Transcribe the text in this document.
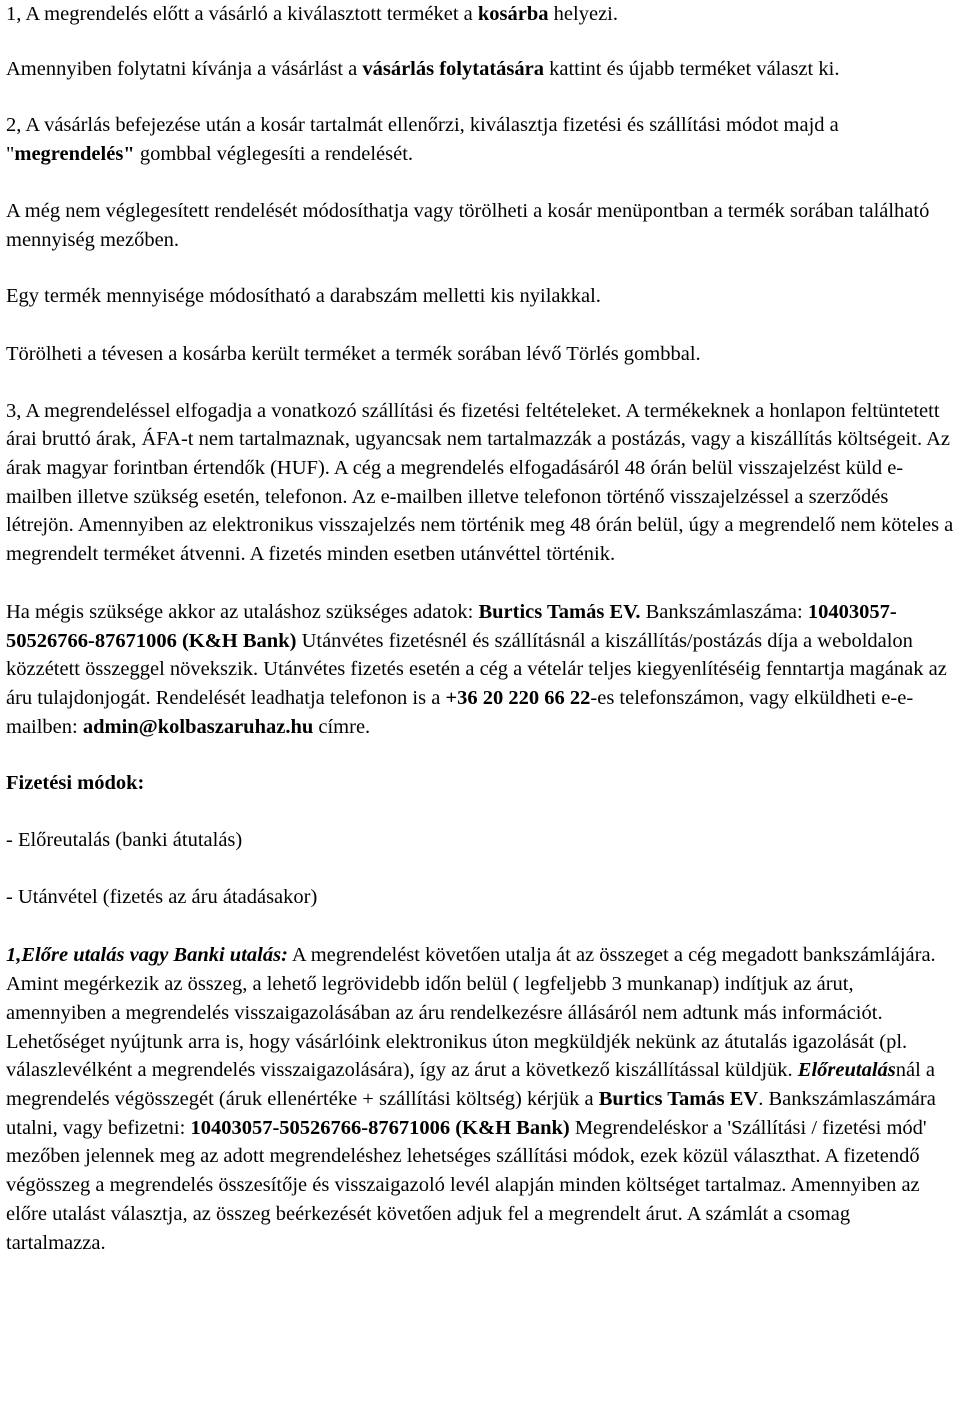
1, A megrendelés előtt a vásárló a kiválasztott terméket a kosárba helyezi.

Amennyiben folytatni kívánja a vásárlást a vásárlás folytatására kattint és újabb terméket választ ki.

2, A vásárlás befejezése után a kosár tartalmát ellenőrzi, kiválasztja fizetési és szállítási módot majd a "megrendelés" gombbal véglegesíti a rendelését.

A még nem véglegesített rendelését módosíthatja vagy törölheti a kosár menüpontban a termék sorában található mennyiség mezőben.

Egy termék mennyisége módosítható a darabszám melletti kis nyilakkal.

Törölheti a tévesen a kosárba került terméket a termék sorában lévő Törlés gombbal.

3, A megrendeléssel elfogadja a vonatkozó szállítási és fizetési feltételeket. A termékeknek a honlapon feltüntetett árai bruttó árak, ÁFA-t nem tartalmaznak, ugyancsak nem tartalmazzák a postázás, vagy a kiszállítás költségeit. Az árak magyar forintban értendők (HUF). A cég a megrendelés elfogadásáról 48 órán belül visszajelzést küld e-mailben illetve szükség esetén, telefonon. Az e-mailben illetve telefonon történő visszajelzéssel a szerződés létrejön. Amennyiben az elektronikus visszajelzés nem történik meg 48 órán belül, úgy a megrendelő nem köteles a megrendelt terméket átvenni. A fizetés minden esetben utánvéttel történik.

Ha mégis szüksége akkor az utaláshoz szükséges adatok: Burtics Tamás EV. Bankszámlaszáma: 10403057-50526766-87671006 (K&H Bank) Utánvétes fizetésnél és szállításnál a kiszállítás/postázás díja a weboldalon közzétett összeggel növekszik. Utánvétes fizetés esetén a cég a vételár teljes kiegyenlítéséig fenntartja magának az áru tulajdonjogát. Rendelését leadhatja telefonon is a +36 20 220 66 22-es telefonszámon, vagy elküldheti e-e-mailben: admin@kolbaszaruhaz.hu címre.

Fizetési módok:

- Előreutalás (banki átutalás)

- Utánvétel (fizetés az áru átadásakor)

1,Előre utalás vagy Banki utalás: A megrendelést követően utalja át az összeget a cég megadott bankszámlájára. Amint megérkezik az összeg, a lehető legrövidebb időn belül ( legfeljebb 3 munkanap) indítjuk az árut, amennyiben a megrendelés visszaigazolásában az áru rendelkezésre állásáról nem adtunk más információt. Lehetőséget nyújtunk arra is, hogy vásárlóink elektronikus úton megküldjék nekünk az átutalás igazolását (pl. válaszlevélként a megrendelés visszaigazolására), így az árut a következő kiszállítással küldjük. Előreutalásnál a megrendelés végösszegét (áruk ellenértéke + szállítási költség) kérjük a Burtics Tamás EV. Bankszámlaszámára utalni, vagy befizetni: 10403057-50526766-87671006 (K&H Bank) Megrendeléskor a 'Szállítási / fizetési mód' mezőben jelennek meg az adott megrendeléshez lehetséges szállítási módok, ezek közül választhat. A fizetendő végösszeg a megrendelés összesítője és visszaigazoló levél alapján minden költséget tartalmaz. Amennyiben az előre utalást választja, az összeg beérkezését követően adjuk fel a megrendelt árut. A számlát a csomag tartalmazza.
